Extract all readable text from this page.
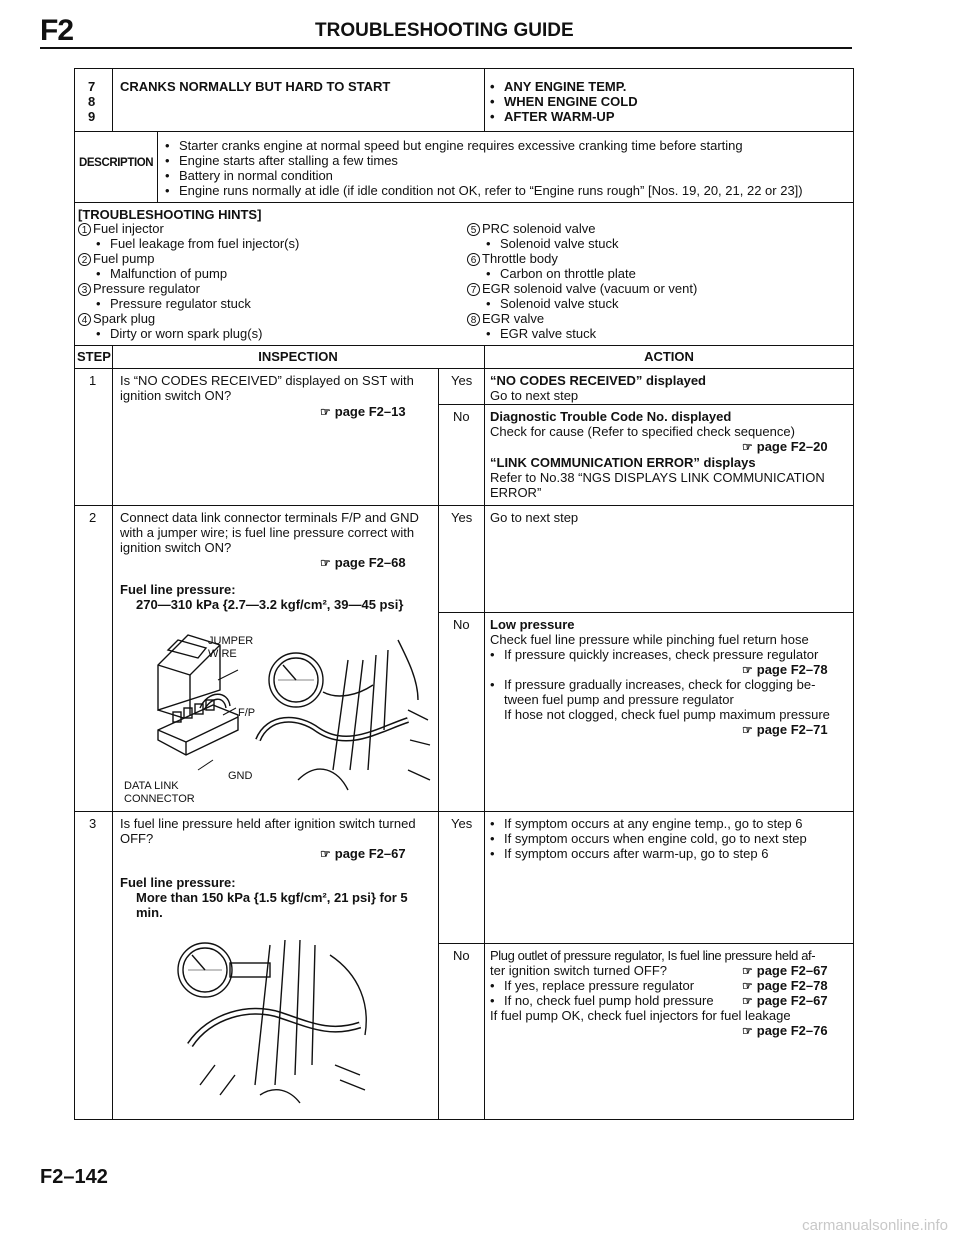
F2	TROUBLESHOOTING GUIDE
7
8
9
CRANKS NORMALLY BUT HARD TO START	• ANY ENGINE TEMP.
• WHEN ENGINE COLD
• AFTER WARM-UP
DESCRIPTION
• Starter cranks engine at normal speed but engine requires excessive cranking time before starting
• Engine starts after stalling a few times
• Battery in normal condition
• Engine runs normally at idle (if idle condition not OK, refer to “Engine runs rough” [Nos. 19, 20, 21, 22 or 23])
[TROUBLESHOOTING HINTS]
1 Fuel injector
• Fuel leakage from fuel injector(s)
2 Fuel pump
• Malfunction of pump
3 Pressure regulator
• Pressure regulator stuck
4 Spark plug
• Dirty or worn spark plug(s)
5 PRC solenoid valve
• Solenoid valve stuck
6 Throttle body
• Carbon on throttle plate
7 EGR solenoid valve (vacuum or vent)
• Solenoid valve stuck
8 EGR valve
• EGR valve stuck
STEP	INSPECTION	ACTION
1 Is “NO CODES RECEIVED” displayed on SST with
ignition switch ON?
☞ page F2–13
Yes “NO CODES RECEIVED” displayed
Go to next step
No Diagnostic Trouble Code No. displayed
Check for cause (Refer to specified check sequence)
☞ page F2–20
“LINK COMMUNICATION ERROR” displays
Refer to No.38 “NGS DISPLAYS LINK COMMUNICATION
ERROR”
2 Connect data link connector terminals F/P and GND
with a jumper wire; is fuel line pressure correct with
ignition switch ON?
☞ page F2–68
Fuel line pressure:
270—310 kPa {2.7—3.2 kgf/cm², 39—45 psi}
JUMPER
WIRE
F/P
GND
DATA LINK
CONNECTOR
Yes Go to next step
No Low pressure
Check fuel line pressure while pinching fuel return hose
• If pressure quickly increases, check pressure regulator
☞ page F2–78
• If pressure gradually increases, check for clogging be-
tween fuel pump and pressure regulator
If hose not clogged, check fuel pump maximum pressure
☞ page F2–71
3 Is fuel line pressure held after ignition switch turned
OFF?
☞ page F2–67
Fuel line pressure:
More than 150 kPa {1.5 kgf/cm², 21 psi} for 5
min.
Yes	• If symptom occurs at any engine temp., go to step 6
• If symptom occurs when engine cold, go to next step
• If symptom occurs after warm-up, go to step 6
No Plug outlet of pressure regulator, Is fuel line pressure held af-
ter ignition switch turned OFF?	☞ page F2–67
• If yes, replace pressure regulator	☞ page F2–78
• If no, check fuel pump hold pressure	☞ page F2–67
If fuel pump OK, check fuel injectors for fuel leakage
☞ page F2–76
F2–142
carmanualsonline.info
